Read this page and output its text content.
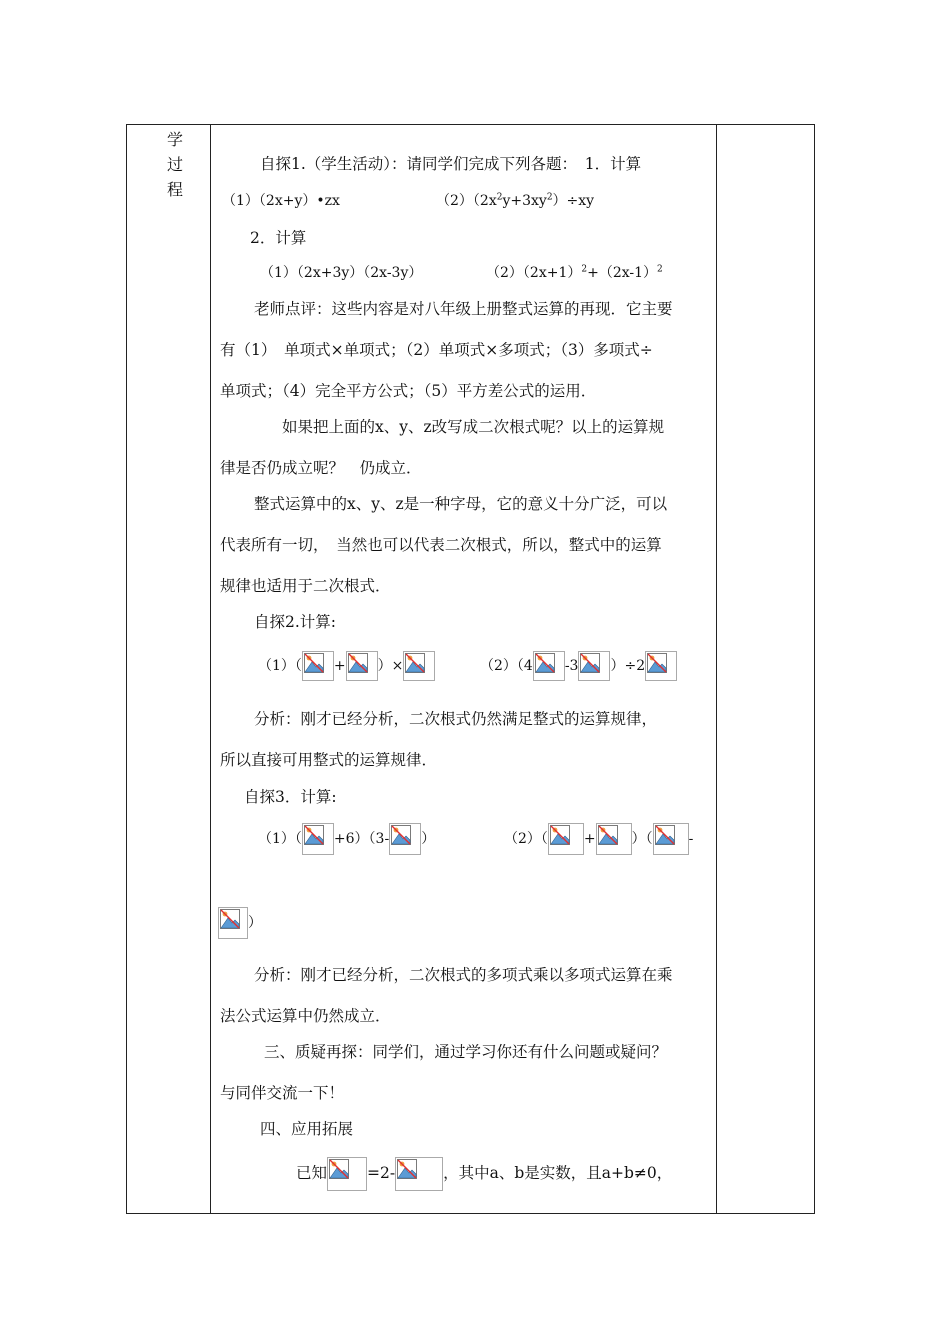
学
过
程
自探1.（学生活动）：请同学们完成下列各题：　1．计算
（1）（2x+y）•zx	$(2)(2x^2y+3xy^2)\div xy$
2．计算
（1）（2x+3y）（2x-3y）	$(2)(2x+1)^2+(2x-1)^2$
老师点评：这些内容是对八年级上册整式运算的再现．它主要
有（1）　单项式×单项式；（2）单项式×多项式；（3）多项式÷
单项式；（4）完全平方公式；（5）平方差公式的运用．
如果把上面的x、y、z改写成二次根式呢？以上的运算规
律是否仍成立呢？　仍成立．
整式运算中的x、y、z是一种字母，它的意义十分广泛，可以
代表所有一切，　当然也可以代表二次根式，所以，整式中的运算
规律也适用于二次根式．
自探2.计算:
（1）（ + ）×	（2）（4 -3 ）÷2
分析：刚才已经分析，二次根式仍然满足整式的运算规律，
所以直接可用整式的运算规律．
自探3．计算:
（1）（ +6）（3- ）	（2）（	+	）（	-
）
分析：刚才已经分析，二次根式的多项式乘以多项式运算在乘
法公式运算中仍然成立．
三、质疑再探：同学们，通过学习你还有什么问题或疑问？
与同伴交流一下！
四、应用拓展
已知	=2-	，其中a、b是实数，且a+b≠0，
